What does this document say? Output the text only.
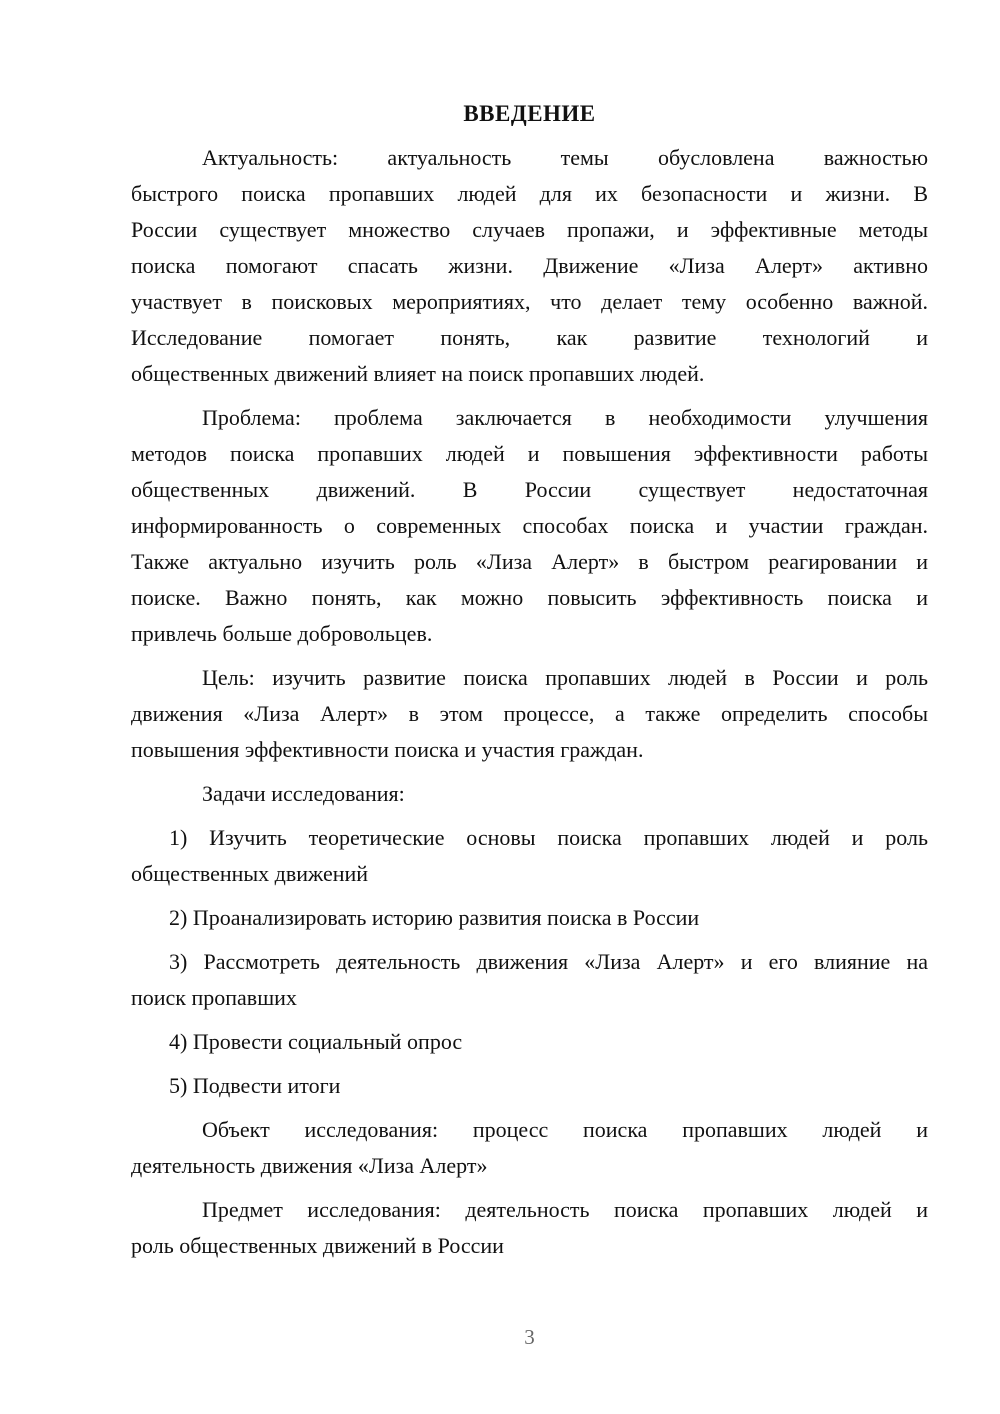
ВВЕДЕНИЕ

Актуальность: актуальность темы обусловлена важностью
быстрого поиска пропавших людей для их безопасности и жизни. В
России существует множество случаев пропажи, и эффективные методы
поиска помогают спасать жизни. Движение «Лиза Алерт» активно
участвует в поисковых мероприятиях, что делает тему особенно важной.
Исследование помогает понять, как развитие технологий и
общественных движений влияет на поиск пропавших людей.

Проблема: проблема заключается в необходимости улучшения
методов поиска пропавших людей и повышения эффективности работы
общественных движений. В России существует недостаточная
информированность о современных способах поиска и участии граждан.
Также актуально изучить роль «Лиза Алерт» в быстром реагировании и
поиске. Важно понять, как можно повысить эффективность поиска и
привлечь больше добровольцев.

Цель: изучить развитие поиска пропавших людей в России и роль
движения «Лиза Алерт» в этом процессе, а также определить способы
повышения эффективности поиска и участия граждан.

Задачи исследования:

1) Изучить теоретические основы поиска пропавших людей и роль
общественных движений

2) Проанализировать историю развития поиска в России

3) Рассмотреть деятельность движения «Лиза Алерт» и его влияние на
поиск пропавших

4) Провести социальный опрос

5) Подвести итоги

Объект исследования: процесс поиска пропавших людей и
деятельность движения «Лиза Алерт»

Предмет исследования: деятельность поиска пропавших людей и
роль общественных движений в России

3
